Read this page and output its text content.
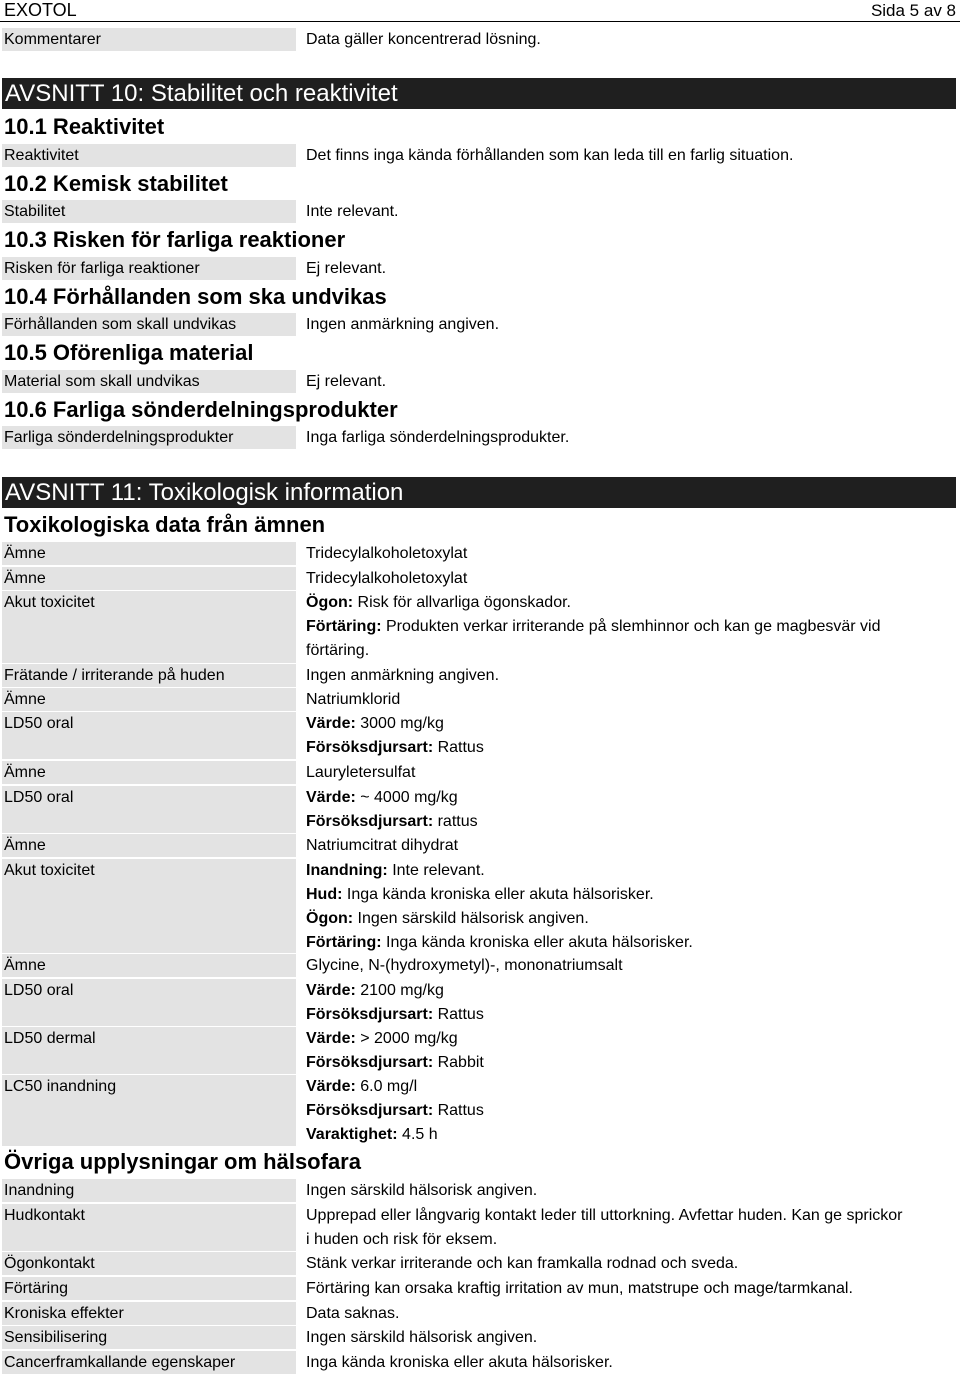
EXOTOL	Sida 5 av 8
Kommentarer	Data gäller koncentrerad lösning.
AVSNITT 10: Stabilitet och reaktivitet
10.1 Reaktivitet
Reaktivitet	Det finns inga kända förhållanden som kan leda till en farlig situation.
10.2 Kemisk stabilitet
Stabilitet	Inte relevant.
10.3 Risken för farliga reaktioner
Risken för farliga reaktioner	Ej relevant.
10.4 Förhållanden som ska undvikas
Förhållanden som skall undvikas	Ingen anmärkning angiven.
10.5 Oförenliga material
Material som skall undvikas	Ej relevant.
10.6 Farliga sönderdelningsprodukter
Farliga sönderdelningsprodukter	Inga farliga sönderdelningsprodukter.
AVSNITT 11: Toxikologisk information
Toxikologiska data från ämnen
Ämne	Tridecylalkoholetoxylat
Ämne	Tridecylalkoholetoxylat
Akut toxicitet	Ögon: Risk för allvarliga ögonskador.
Förtäring: Produkten verkar irriterande på slemhinnor och kan ge magbesvär vid förtäring.
Frätande / irriterande på huden	Ingen anmärkning angiven.
Ämne	Natriumklorid
LD50 oral	Värde: 3000 mg/kg
Försöksdjursart: Rattus
Ämne	Lauryletersulfat
LD50 oral	Värde: ~ 4000 mg/kg
Försöksdjursart: rattus
Ämne	Natriumcitrat dihydrat
Akut toxicitet	Inandning: Inte relevant.
Hud: Inga kända kroniska eller akuta hälsorisker.
Ögon: Ingen särskild hälsorisk angiven.
Förtäring: Inga kända kroniska eller akuta hälsorisker.
Ämne	Glycine, N-(hydroxymetyl)-, mononatriumsalt
LD50 oral	Värde: 2100 mg/kg
Försöksdjursart: Rattus
LD50 dermal	Värde: > 2000 mg/kg
Försöksdjursart: Rabbit
LC50 inandning	Värde: 6.0 mg/l
Försöksdjursart: Rattus
Varaktighet: 4.5 h
Övriga upplysningar om hälsofara
Inandning	Ingen särskild hälsorisk angiven.
Hudkontakt	Upprepad eller långvarig kontakt leder till uttorkning. Avfettar huden. Kan ge sprickor i huden och risk för eksem.
Ögonkontakt	Stänk verkar irriterande och kan framkalla rodnad och sveda.
Förtäring	Förtäring kan orsaka kraftig irritation av mun, matstrupe och mage/tarmkanal.
Kroniska effekter	Data saknas.
Sensibilisering	Ingen särskild hälsorisk angiven.
Cancerframkallande egenskaper	Inga kända kroniska eller akuta hälsorisker.
